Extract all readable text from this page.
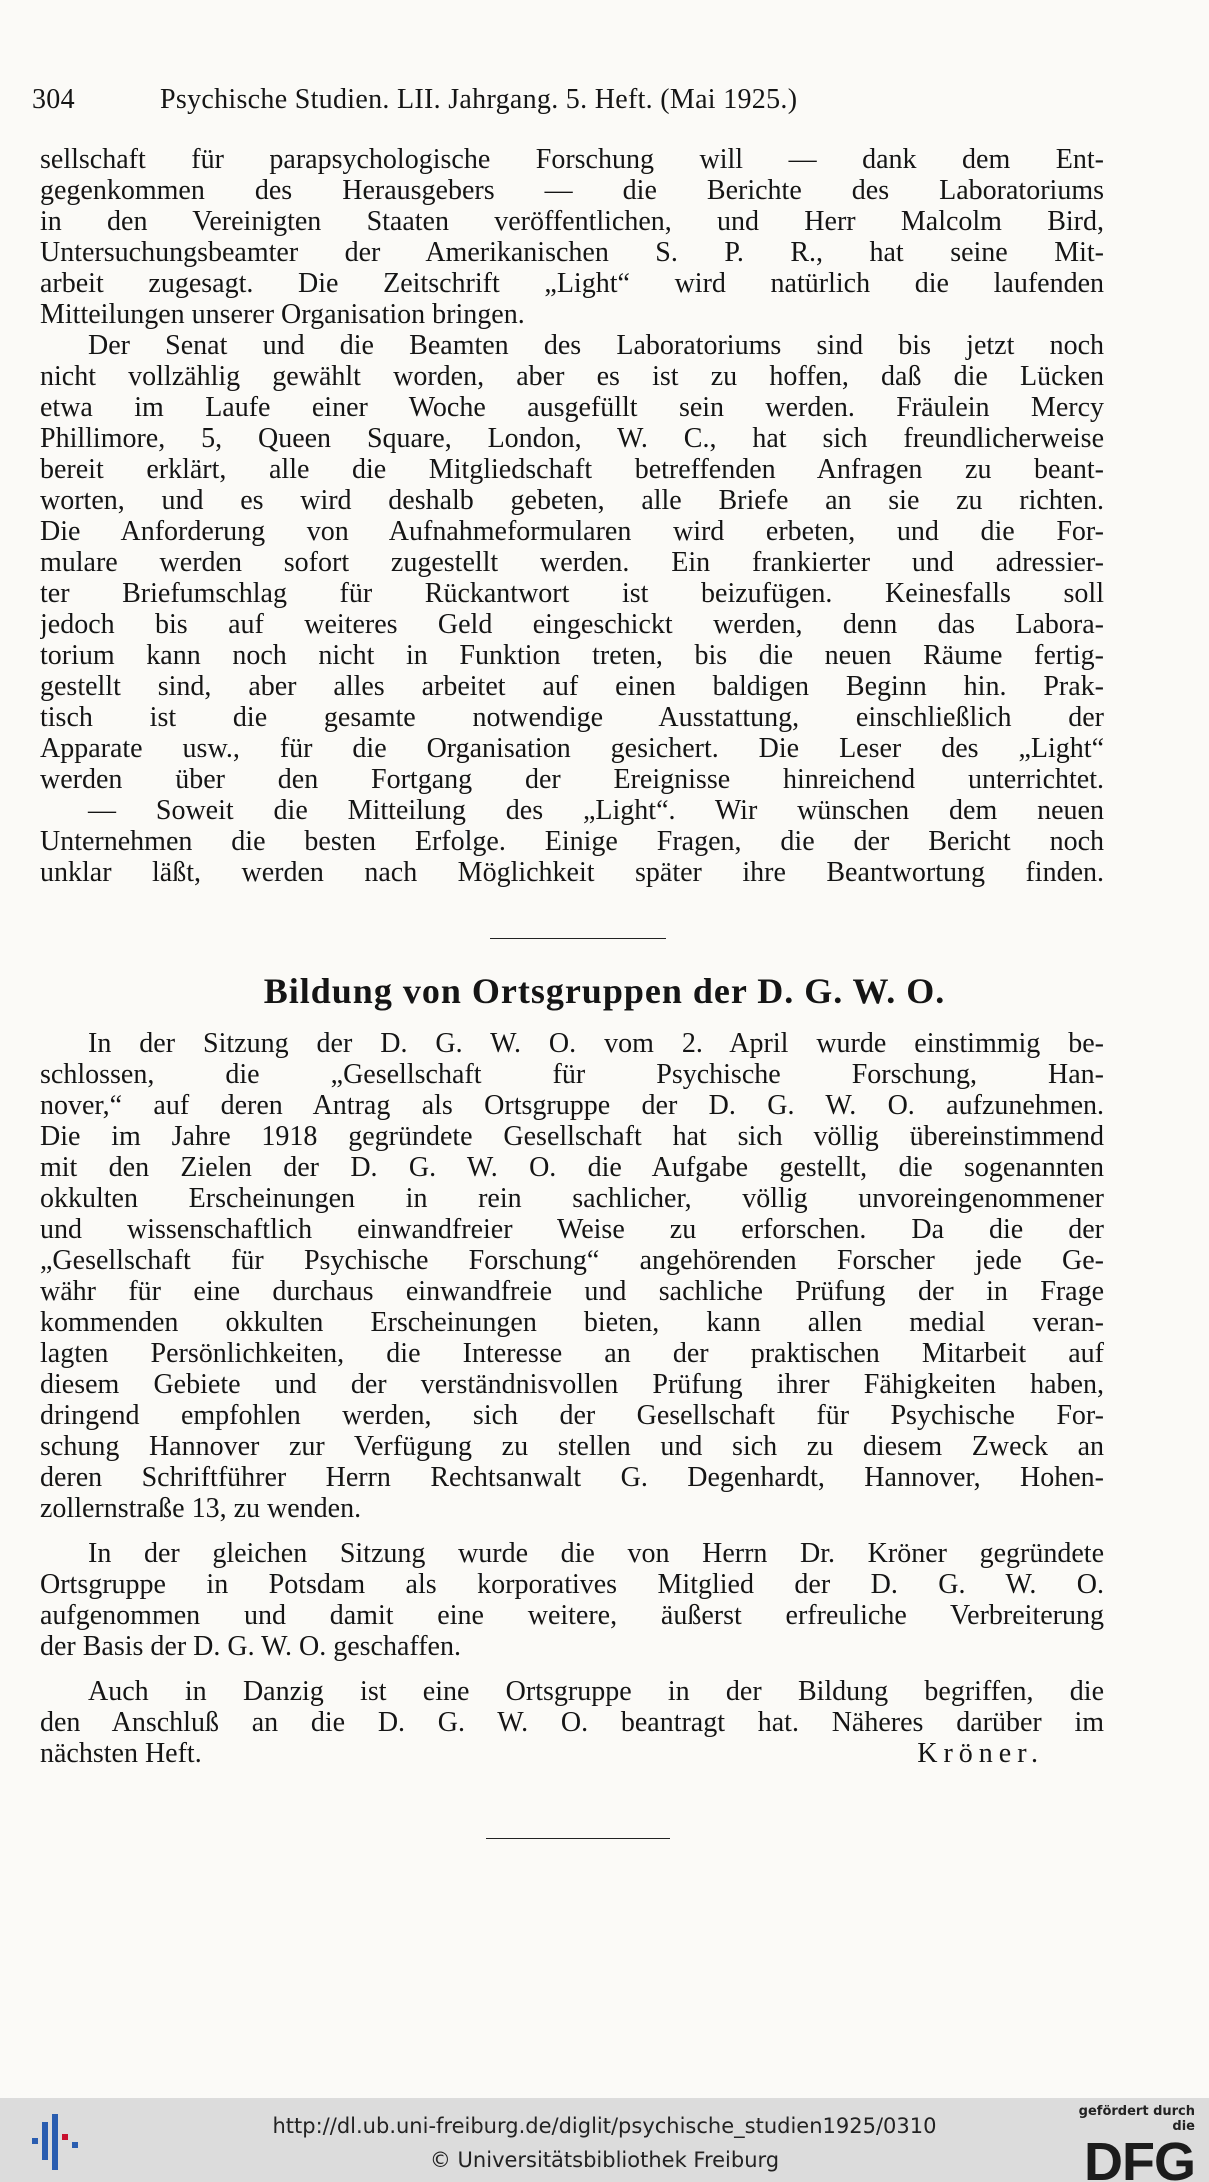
304	Psychische Studien. LII. Jahrgang. 5. Heft. (Mai 1925.)
sellschaft für parapsychologische Forschung will — dank dem Ent-
gegenkommen des Herausgebers — die Berichte des Laboratoriums
in den Vereinigten Staaten veröffentlichen, und Herr Malcolm Bird,
Untersuchungsbeamter der Amerikanischen S. P. R., hat seine Mit-
arbeit zugesagt. Die Zeitschrift „Light“ wird natürlich die laufenden
Mitteilungen unserer Organisation bringen.
Der Senat und die Beamten des Laboratoriums sind bis jetzt noch
nicht vollzählig gewählt worden, aber es ist zu hoffen, daß die Lücken
etwa im Laufe einer Woche ausgefüllt sein werden. Fräulein Mercy
Phillimore, 5, Queen Square, London, W. C., hat sich freundlicherweise
bereit erklärt, alle die Mitgliedschaft betreffenden Anfragen zu beant-
worten, und es wird deshalb gebeten, alle Briefe an sie zu richten.
Die Anforderung von Aufnahmeformularen wird erbeten, und die For-
mulare werden sofort zugestellt werden. Ein frankierter und adressier-
ter Briefumschlag für Rückantwort ist beizufügen. Keinesfalls soll
jedoch bis auf weiteres Geld eingeschickt werden, denn das Labora-
torium kann noch nicht in Funktion treten, bis die neuen Räume fertig-
gestellt sind, aber alles arbeitet auf einen baldigen Beginn hin. Prak-
tisch ist die gesamte notwendige Ausstattung, einschließlich der
Apparate usw., für die Organisation gesichert. Die Leser des „Light“
werden über den Fortgang der Ereignisse hinreichend unterrichtet.
— Soweit die Mitteilung des „Light“. Wir wünschen dem neuen
Unternehmen die besten Erfolge. Einige Fragen, die der Bericht noch
unklar läßt, werden nach Möglichkeit später ihre Beantwortung finden.
Bildung von Ortsgruppen der D. G. W. O.
In der Sitzung der D. G. W. O. vom 2. April wurde einstimmig be-
schlossen, die „Gesellschaft für Psychische Forschung, Han-
nover,“ auf deren Antrag als Ortsgruppe der D. G. W. O. aufzunehmen.
Die im Jahre 1918 gegründete Gesellschaft hat sich völlig übereinstimmend
mit den Zielen der D. G. W. O. die Aufgabe gestellt, die sogenannten
okkulten Erscheinungen in rein sachlicher, völlig unvoreingenommener
und wissenschaftlich einwandfreier Weise zu erforschen. Da die der
„Gesellschaft für Psychische Forschung“ angehörenden Forscher jede Ge-
währ für eine durchaus einwandfreie und sachliche Prüfung der in Frage
kommenden okkulten Erscheinungen bieten, kann allen medial veran-
lagten Persönlichkeiten, die Interesse an der praktischen Mitarbeit auf
diesem Gebiete und der verständnisvollen Prüfung ihrer Fähigkeiten haben,
dringend empfohlen werden, sich der Gesellschaft für Psychische For-
schung Hannover zur Verfügung zu stellen und sich zu diesem Zweck an
deren Schriftführer Herrn Rechtsanwalt G. Degenhardt, Hannover, Hohen-
zollernstraße 13, zu wenden.
In der gleichen Sitzung wurde die von Herrn Dr. Kröner gegründete
Ortsgruppe in Potsdam als korporatives Mitglied der D. G. W. O.
aufgenommen und damit eine weitere, äußerst erfreuliche Verbreiterung
der Basis der D. G. W. O. geschaffen.
Auch in Danzig ist eine Ortsgruppe in der Bildung begriffen, die
den Anschluß an die D. G. W. O. beantragt hat. Näheres darüber im
nächsten Heft.	Kröner.
http://dl.ub.uni-freiburg.de/diglit/psychische_studien1925/0310
© Universitätsbibliothek Freiburg
gefördert durch die
DFG
